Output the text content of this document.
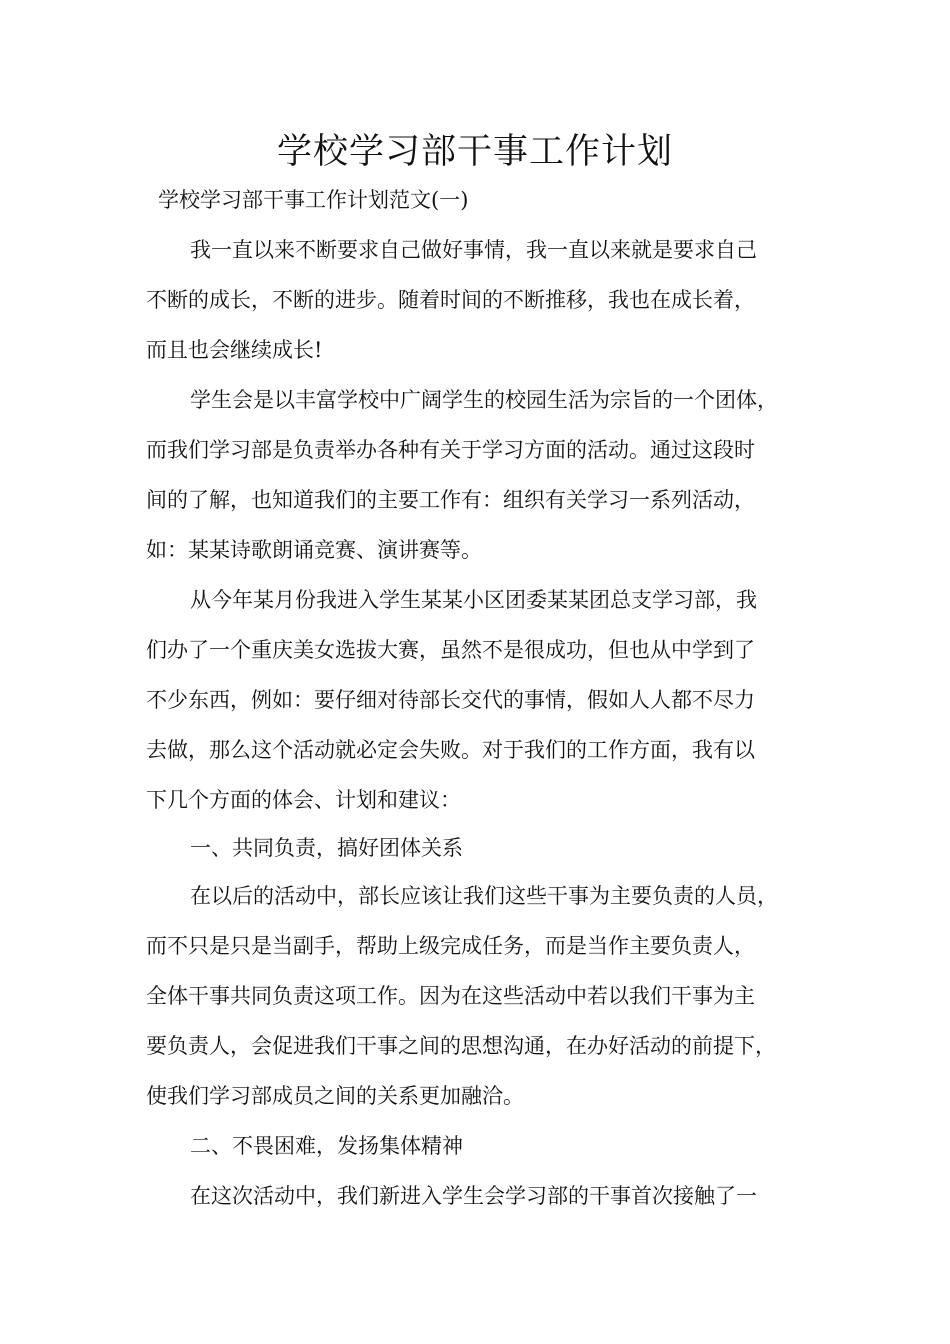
学校学习部干事工作计划

学校学习部干事工作计划范文(一)

我一直以来不断要求自己做好事情，我一直以来就是要求自己

不断的成长，不断的进步。随着时间的不断推移，我也在成长着，

而且也会继续成长!

学生会是以丰富学校中广阔学生的校园生活为宗旨的一个团体，

而我们学习部是负责举办各种有关于学习方面的活动。通过这段时

间的了解，也知道我们的主要工作有：组织有关学习一系列活动，

如：某某诗歌朗诵竞赛、演讲赛等。

从今年某月份我进入学生某某小区团委某某团总支学习部，我

们办了一个重庆美女选拔大赛，虽然不是很成功，但也从中学到了

不少东西，例如：要仔细对待部长交代的事情，假如人人都不尽力

去做，那么这个活动就必定会失败。对于我们的工作方面，我有以

下几个方面的体会、计划和建议：

一、共同负责，搞好团体关系

在以后的活动中，部长应该让我们这些干事为主要负责的人员，

而不只是只是当副手，帮助上级完成任务，而是当作主要负责人，

全体干事共同负责这项工作。因为在这些活动中若以我们干事为主

要负责人，会促进我们干事之间的思想沟通，在办好活动的前提下，

使我们学习部成员之间的关系更加融洽。

二、不畏困难，发扬集体精神

在这次活动中，我们新进入学生会学习部的干事首次接触了一
